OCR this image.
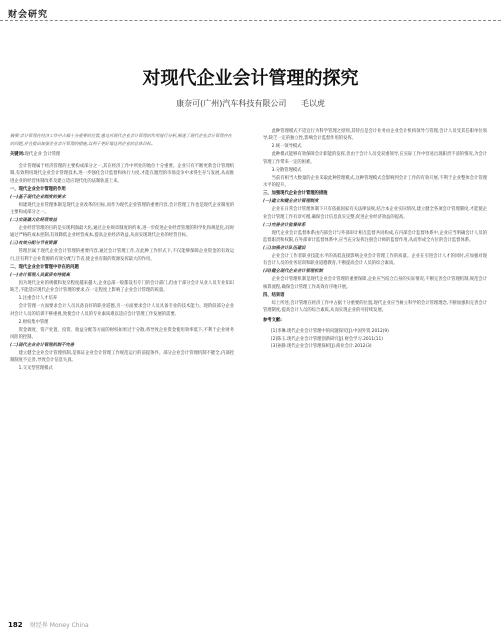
财会研究
对现代企业会计管理的探究
康奈可(广州)汽车科技有限公司 毛以虎

摘要:会计管理在经济工作中占据十分重要的位置,通过对现代企业会计管理的作用进行分析,阐述了现代企业会计管理存在的问题,并且提出加强企业会计管理的措施,以利于更好地达到企业的总体目标。

关键词:现代企业 会计管理

会计管理属于经济管理的主要构成部分之一,其在经济工作中所处的地位十分重要。企业只有不断更新会计管理机制,有效利用现代企业会计管理技术,进一步强化会计监督和执行力度,才能在激烈的市场竞争中求得生存与发展,从而推进企业的经营体制改革及建立适应现代化的法制轨道上来。

一、现代企业会计管理的作用

(一)基于现代企业制度的要求

构建现代企业管理体制是现代企业改革的目标,而作为现代企业管理的重要内容,会计管理工作也是现代企业制度的主要构成部分之一。

(二)实现最大化经营效益

企业经营管理的目的是实现利润最大化,通过企业规章制度的约束,进一步促进企业经营管理的科学化和规范化,同时通过严格的成本控制,有效降低企业经营成本,提高企业经济效益,从而实现现代企业的经营目标。

(三)有效分配与节省资源

管理层属于现代企业会计管理的重要内容,通过会计管理工作,在此种工作形式下,不仅能够保障企业资金的有效运行,还有利于企业资源的有效分配与节省,使企业有限的资源发挥最大的作用。

二、现代企业会计管理中存在的问题

(一)会计管理人员素质有待提高

因为现代企业的规模和复杂程度越来越大,企业总部一般都设有专门的会计部门,但由于部分会计从业人员专业知识缺乏,不能适应现代企业会计管理的要求,在一定程度上影响了企业会计管理的质量。

1.注重会计人才培养

会计管理一方面要求会计人员具备良好的职业道德,另一方面要求会计人员具备专业的技术能力。现阶段部分企业对会计人员的培训不够重视,致使会计人员的专业素质难以适应会计管理工作发展的需要。

2.财权集中管理

资金调度、资产处置、投资、收益分配等方面的财权如果过于分散,将导致企业资金使用效率低下,不利于企业财务风险的控制。

(二)现代企业会计管理机制不完善

建立健全企业会计管理机制,是保证企业会计管理工作规范运行的前提条件。部分企业会计管理机制不健全,内部控制制度不完善,导致会计信息失真。

1.交叉型管理模式

此种管理模式不适宜行为科学管理之原则,其特点是会计业务由企业会计机构领导与管理,会计人员受其任职单位领导,缺乏一定的独立性,影响会计监督作用的发挥。

2.统一领导模式

此种模式能够有效保障会计职能的发挥,但由于会计人员受双重领导,在实际工作中容易出现职责不清的情况,为会计管理工作带来一定的困难。

3.分散管理模式

当前有相当大数量的企业采取此种管理模式,这种管理模式会影响到会计工作的有效开展,不利于企业整体会计管理水平的提升。

三、加强现代企业会计管理的措施

(一)建立和健全会计管理制度

企业在日常会计管理体制下只有依据国家有关法律法规,结合本企业实际情况,建立健全各项会计管理制度,才能使企业会计管理工作有章可循,确保会计信息真实完整,促进企业经济效益的提高。

(二)完善会计监督体系

现代企业会计监督体系由内部会计与外部审计相互监督共同构成,在内部会计监督体系中,企业应当明确会计人员的监督职责和权限,在外部审计监督体系中,应当充分发挥注册会计师的监督作用,从而形成全方位的会计监督体系。

(三)加强会计队伍建设

企业会计工作者职业技能水平的高低直接影响企业会计管理工作的质量。企业在引进会计人才的同时,应加强对现有会计人员的业务培训和职业道德教育,不断提高会计人员的综合素质。

(四)健全现代企业会计管理机制

企业会计管理机制是现代企业会计管理的重要保障,企业应当结合自身的实际情况,不断完善会计管理机制,规范会计核算流程,确保会计管理工作高效有序地开展。

四、结束语

综上所述,会计管理在经济工作中占据十分重要的位置,现代企业应当树立科学的会计管理理念,不断加强和完善会计管理制度,提高会计人员的综合素质,从而实现企业的可持续发展。

参考文献:

[1]李琳.现代企业会计管理中的问题探究[J].中国外资.2012(9)

[2]陈玉.现代企业会计管理创新研究[J].财会学习.2011(11)

[3]孙静.现代企业会计管理探析[J].商业会计.2012(3)

182 财经界 Money China
